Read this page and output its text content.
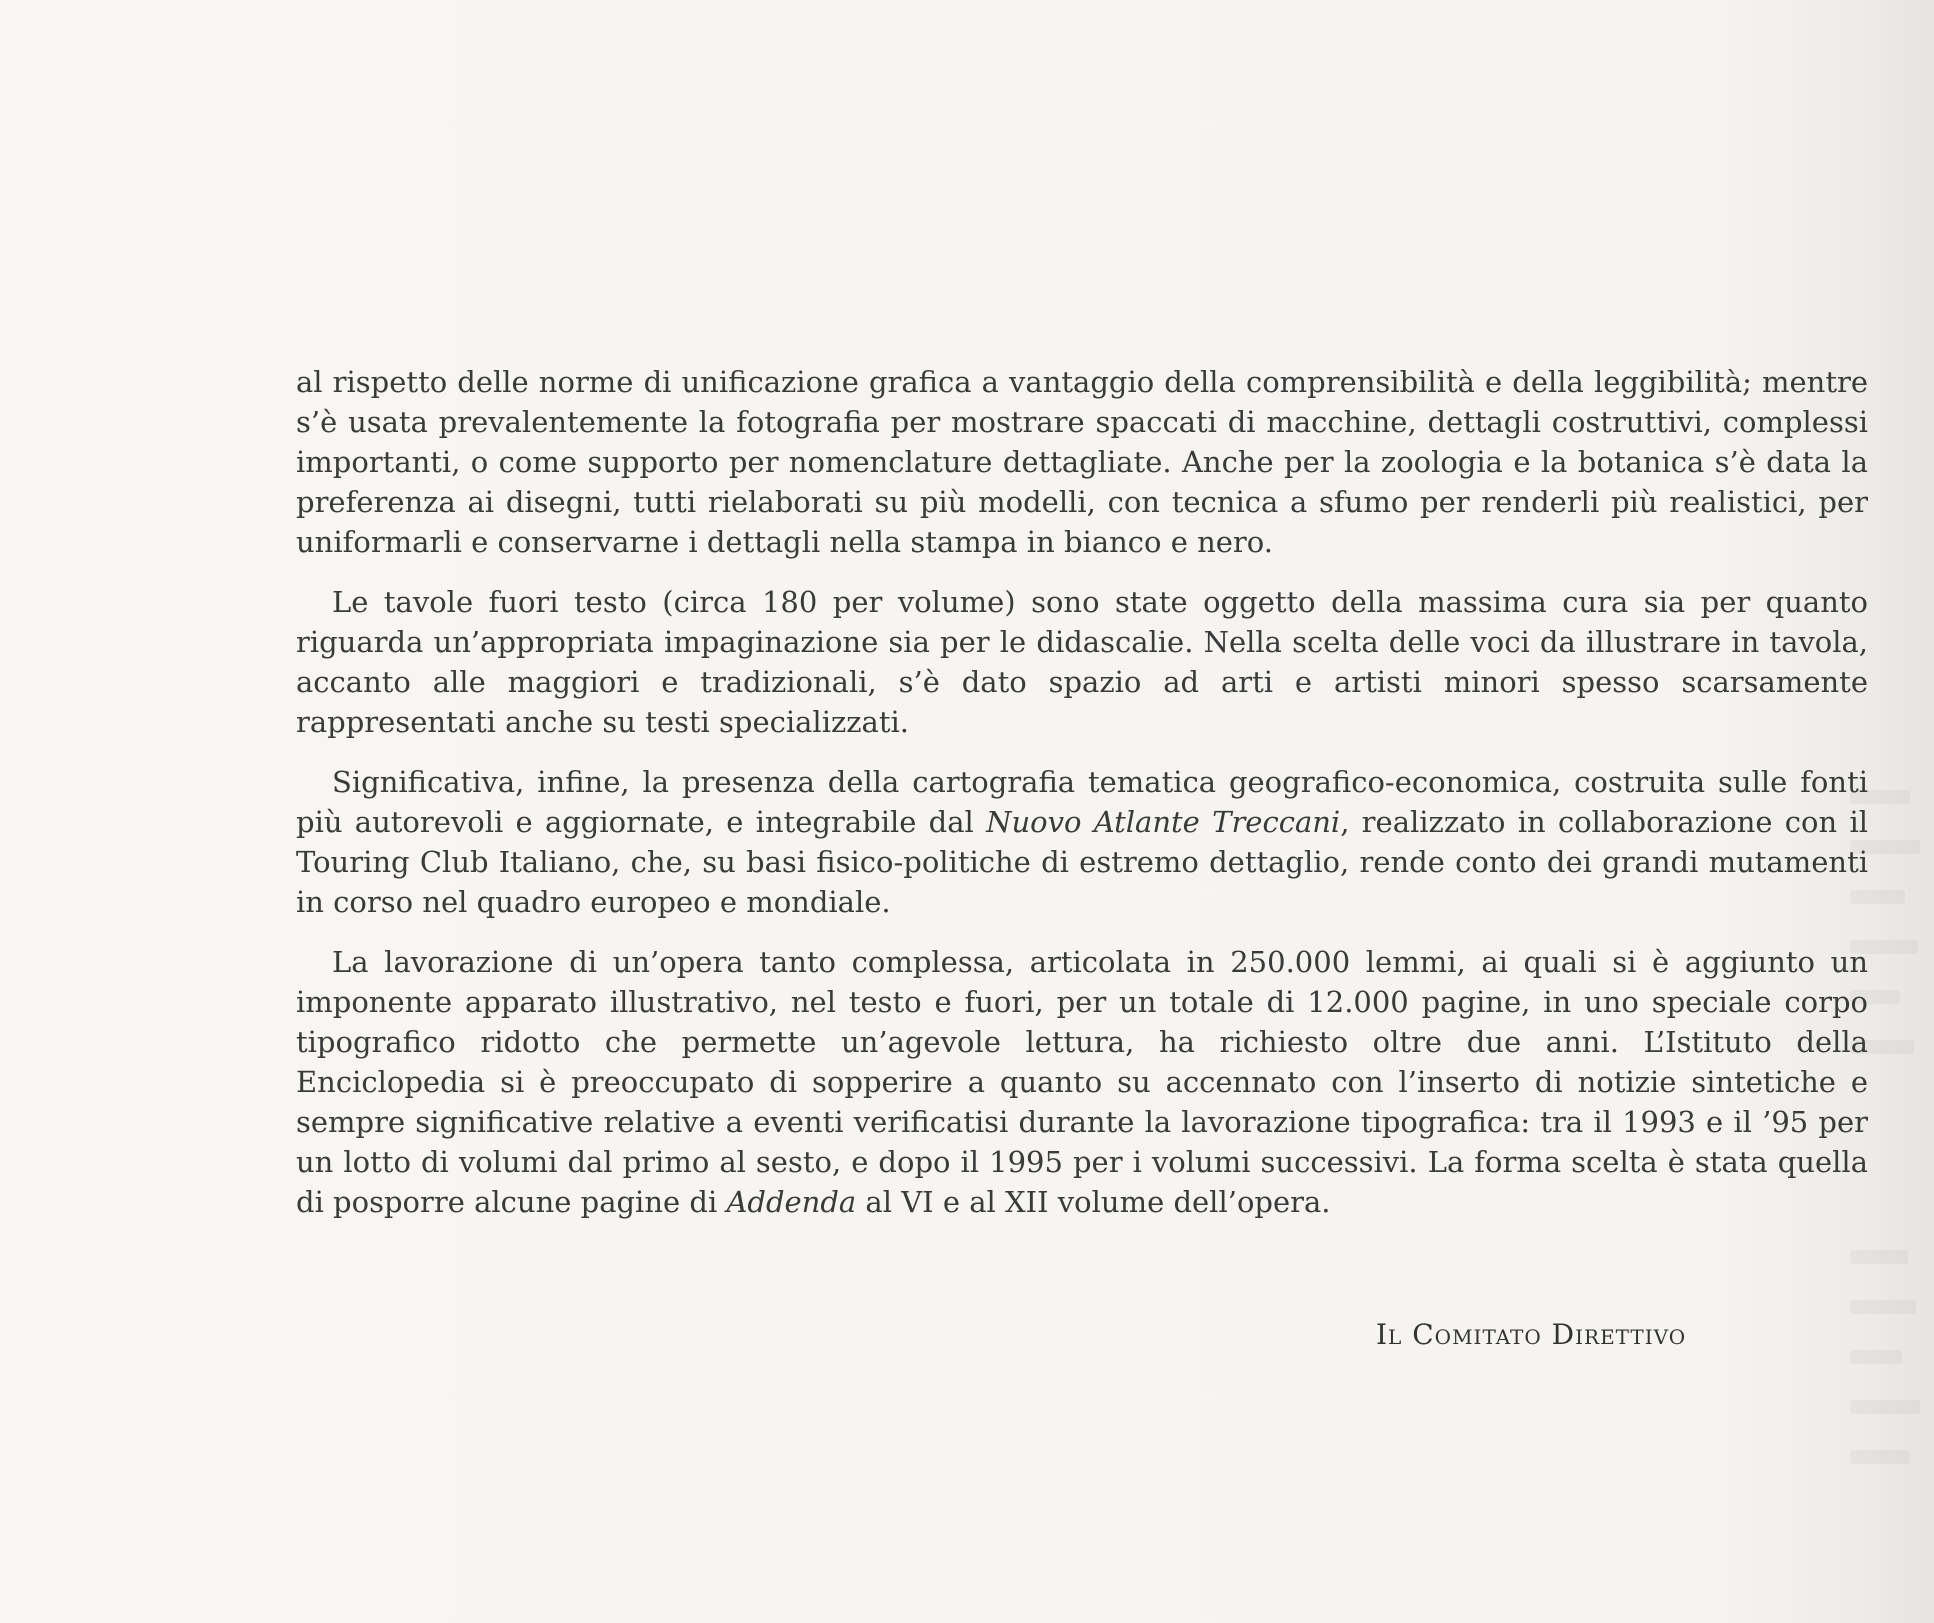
al rispetto delle norme di unificazione grafica a vantaggio della comprensibilità e della leggibilità; mentre s’è usata prevalentemente la fotografia per mostrare spaccati di macchine, dettagli costruttivi, complessi importanti, o come supporto per nomenclature dettagliate. Anche per la zoologia e la botanica s’è data la preferenza ai disegni, tutti rielaborati su più modelli, con tecnica a sfumo per renderli più realistici, per uniformarli e conservarne i dettagli nella stampa in bianco e nero.

Le tavole fuori testo (circa 180 per volume) sono state oggetto della massima cura sia per quanto riguarda un’appropriata impaginazione sia per le didascalie. Nella scelta delle voci da illustrare in tavola, accanto alle maggiori e tradizionali, s’è dato spazio ad arti e artisti minori spesso scarsamente rappresentati anche su testi specializzati.

Significativa, infine, la presenza della cartografia tematica geografico-economica, costruita sulle fonti più autorevoli e aggiornate, e integrabile dal Nuovo Atlante Treccani, realizzato in collaborazione con il Touring Club Italiano, che, su basi fisico-politiche di estremo dettaglio, rende conto dei grandi mutamenti in corso nel quadro europeo e mondiale.

La lavorazione di un’opera tanto complessa, articolata in 250.000 lemmi, ai quali si è aggiunto un imponente apparato illustrativo, nel testo e fuori, per un totale di 12.000 pagine, in uno speciale corpo tipografico ridotto che permette un’agevole lettura, ha richiesto oltre due anni. L’Istituto della Enciclopedia si è preoccupato di sopperire a quanto su accennato con l’inserto di notizie sintetiche e sempre significative relative a eventi verificatisi durante la lavorazione tipografica: tra il 1993 e il ’95 per un lotto di volumi dal primo al sesto, e dopo il 1995 per i volumi successivi. La forma scelta è stata quella di posporre alcune pagine di Addenda al VI e al XII volume dell’opera.

Il Comitato Direttivo
